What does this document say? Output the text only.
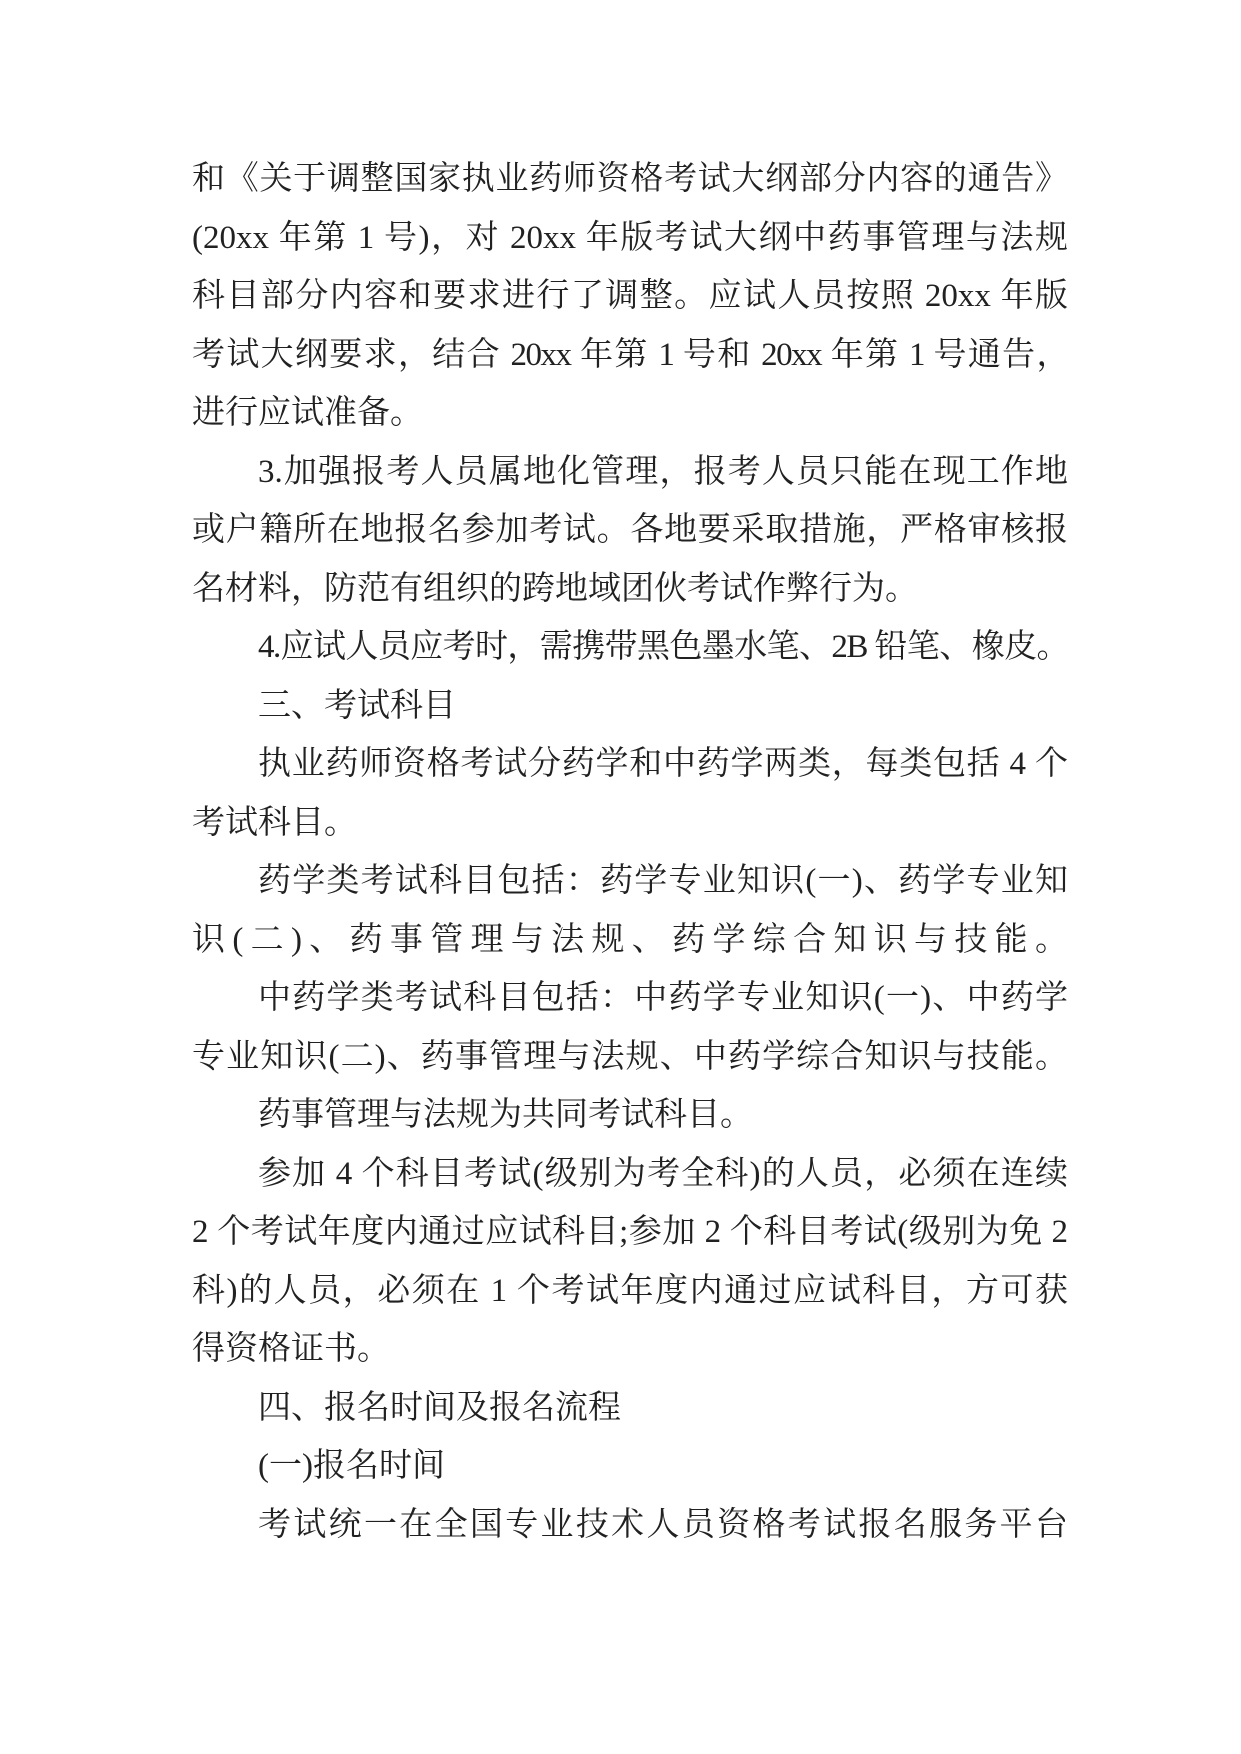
和《关于调整国家执业药师资格考试大纲部分内容的通告》
(20xx 年第 1 号)，对 20xx 年版考试大纲中药事管理与法规
科目部分内容和要求进行了调整。应试人员按照 20xx 年版
考试大纲要求，结合 20xx 年第 1 号和 20xx 年第 1 号通告，
进行应试准备。
3.加强报考人员属地化管理，报考人员只能在现工作地
或户籍所在地报名参加考试。各地要采取措施，严格审核报
名材料，防范有组织的跨地域团伙考试作弊行为。
4.应试人员应考时，需携带黑色墨水笔、2B 铅笔、橡皮。
三、考试科目
执业药师资格考试分药学和中药学两类，每类包括 4 个
考试科目。
药学类考试科目包括：药学专业知识(一)、药学专业知
识(二)、药事管理与法规、药学综合知识与技能。
中药学类考试科目包括：中药学专业知识(一)、中药学
专业知识(二)、药事管理与法规、中药学综合知识与技能。
药事管理与法规为共同考试科目。
参加 4 个科目考试(级别为考全科)的人员，必须在连续
2 个考试年度内通过应试科目;参加 2 个科目考试(级别为免 2
科)的人员，必须在 1 个考试年度内通过应试科目，方可获
得资格证书。
四、报名时间及报名流程
(一)报名时间
考试统一在全国专业技术人员资格考试报名服务平台
